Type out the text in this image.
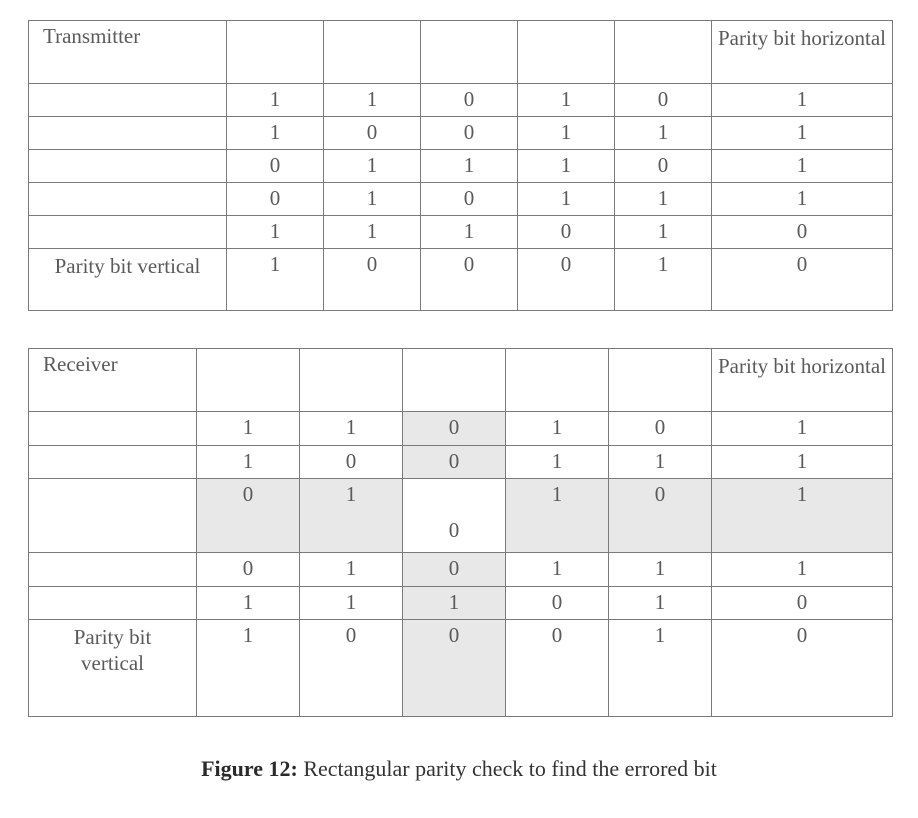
Transmitter						Parity bit horizontal
	1	1	0	1	0	1
	1	0	0	1	1	1
	0	1	1	1	0	1
	0	1	0	1	1	1
	1	1	1	0	1	0
Parity bit vertical	1	0	0	0	1	0
Receiver						Parity bit horizontal
	1	1	0	1	0	1
	1	0	0	1	1	1
	0	1	0	1	0	1
	0	1	0	1	1	1
	1	1	1	0	1	0
Parity bit vertical	1	0	0	0	1	0
Figure 12: Rectangular parity check to find the errored bit
